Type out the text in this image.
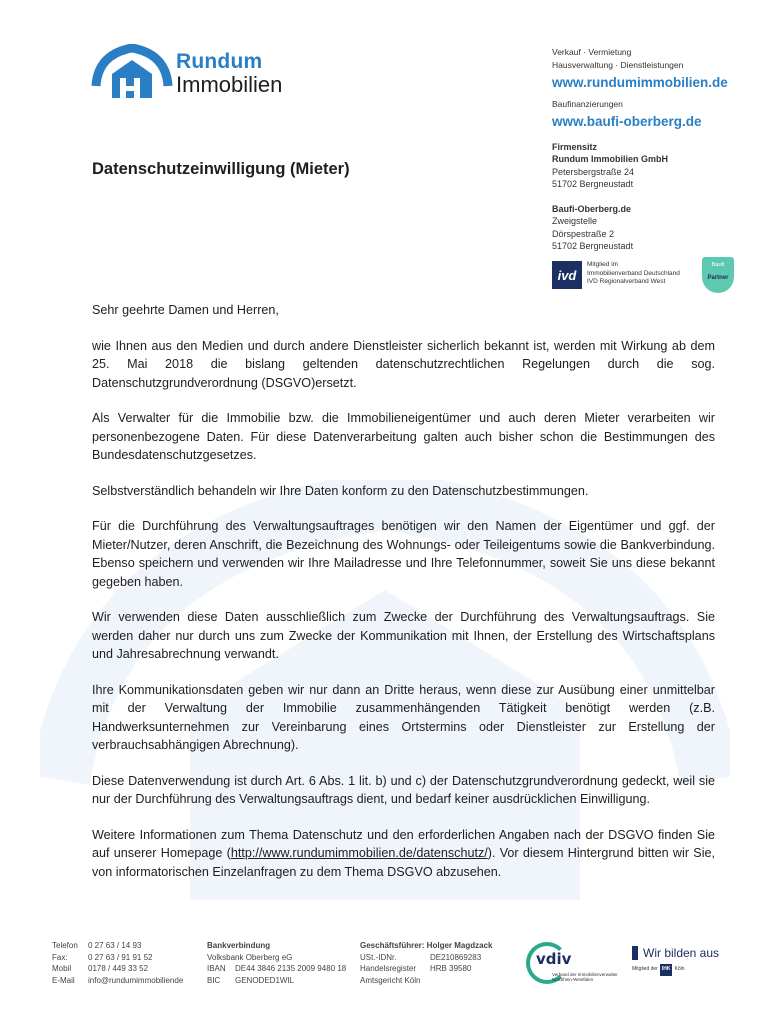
Rundum
Immobilien
Verkauf · Vermietung
Hausverwaltung · Dienstleistungen
www.rundumimmobilien.de
Baufinanzierungen
www.baufi-oberberg.de
Firmensitz
Rundum Immobilien GmbH
Petersbergstraße 24
51702 Bergneustadt
Baufi-Oberberg.de
Zweigstelle
Dörspestraße 2
51702 Bergneustadt
ivd
Mitglied im
Immobilienverband Deutschland
IVD Regionalverband West
Baufi
Partner
Datenschutzeinwilligung (Mieter)

Sehr geehrte Damen und Herren,

wie Ihnen aus den Medien und durch andere Dienstleister sicherlich bekannt ist, werden mit Wirkung ab dem 25. Mai 2018 die bislang geltenden datenschutzrechtlichen Regelungen durch die sog. Datenschutzgrundverordnung (DSGVO)ersetzt.

Als Verwalter für die Immobilie bzw. die Immobilieneigentümer und auch deren Mieter verarbeiten wir personenbezogene Daten. Für diese Datenverarbeitung galten auch bisher schon die Bestimmungen des Bundesdatenschutzgesetzes.

Selbstverständlich behandeln wir Ihre Daten konform zu den Datenschutzbestimmungen.

Für die Durchführung des Verwaltungsauftrages benötigen wir den Namen der Eigentümer und ggf. der Mieter/Nutzer, deren Anschrift, die Bezeichnung des Wohnungs- oder Teileigentums sowie die Bankverbindung. Ebenso speichern und verwenden wir Ihre Mailadresse und Ihre Telefonnummer, soweit Sie uns diese bekannt gegeben haben.

Wir verwenden diese Daten ausschließlich zum Zwecke der Durchführung des Verwaltungsauftrags. Sie werden daher nur durch uns zum Zwecke der Kommunikation mit Ihnen, der Erstellung des Wirtschaftsplans und Jahresabrechnung verwandt.

Ihre Kommunikationsdaten geben wir nur dann an Dritte heraus, wenn diese zur Ausübung einer unmittelbar mit der Verwaltung der Immobilie zusammenhängenden Tätigkeit benötigt werden (z.B. Handwerksunternehmen zur Vereinbarung eines Ortstermins oder Dienstleister zur Erstellung der verbrauchsabhängigen Abrechnung).

Diese Datenverwendung ist durch Art. 6 Abs. 1 lit. b) und c) der Datenschutzgrundverordnung gedeckt, weil sie nur der Durchführung des Verwaltungsauftrags dient, und bedarf keiner ausdrücklichen Einwilligung.

Weitere Informationen zum Thema Datenschutz und den erforderlichen Angaben nach der DSGVO finden Sie auf unserer Homepage (http://www.rundumimmobilien.de/datenschutz/). Vor diesem Hintergrund bitten wir Sie, von informatorischen Einzelanfragen zu dem Thema DSGVO abzusehen.

Telefon	0 27 63 / 14 93
Fax:	0 27 63 / 91 91 52
Mobil	0178 / 449 33 52
E-Mail	info@rundumimmobiliende
Bankverbindung
Volksbank Oberberg eG
IBAN	DE44 3846 2135 2009 9480 18
BIC	GENODED1WIL
Geschäftsführer: Holger Magdzack
USt.-IDNr.	DE210869283
Handelsregister	HRB 39580
Amtsgericht Köln
vdiv
Verband der Immobilienverwalter Nordrhein-Westfalen
Wir bilden aus
Mitglied der IHK Köln
